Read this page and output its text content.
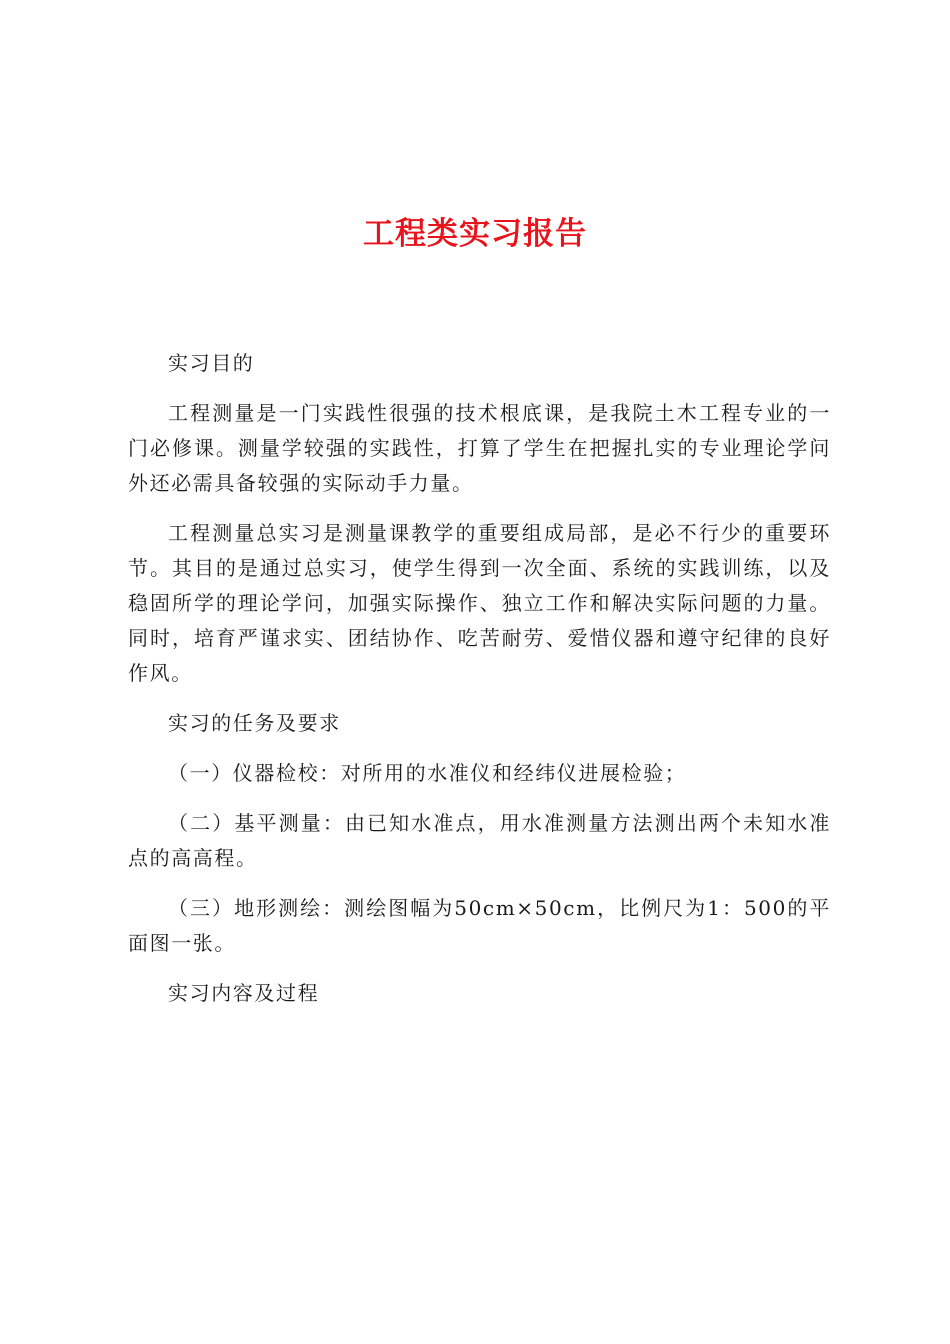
工程类实习报告

实习目的

工程测量是一门实践性很强的技术根底课，是我院土木工程专业的一门必修课。测量学较强的实践性，打算了学生在把握扎实的专业理论学问外还必需具备较强的实际动手力量。

工程测量总实习是测量课教学的重要组成局部，是必不行少的重要环节。其目的是通过总实习，使学生得到一次全面、系统的实践训练，以及稳固所学的理论学问，加强实际操作、独立工作和解决实际问题的力量。同时，培育严谨求实、团结协作、吃苦耐劳、爱惜仪器和遵守纪律的良好作风。

实习的任务及要求

（一）仪器检校：对所用的水准仪和经纬仪进展检验；

（二）基平测量：由已知水准点，用水准测量方法测出两个未知水准点的高高程。

（三）地形测绘：测绘图幅为50cm×50cm，比例尺为1：500的平面图一张。

实习内容及过程
